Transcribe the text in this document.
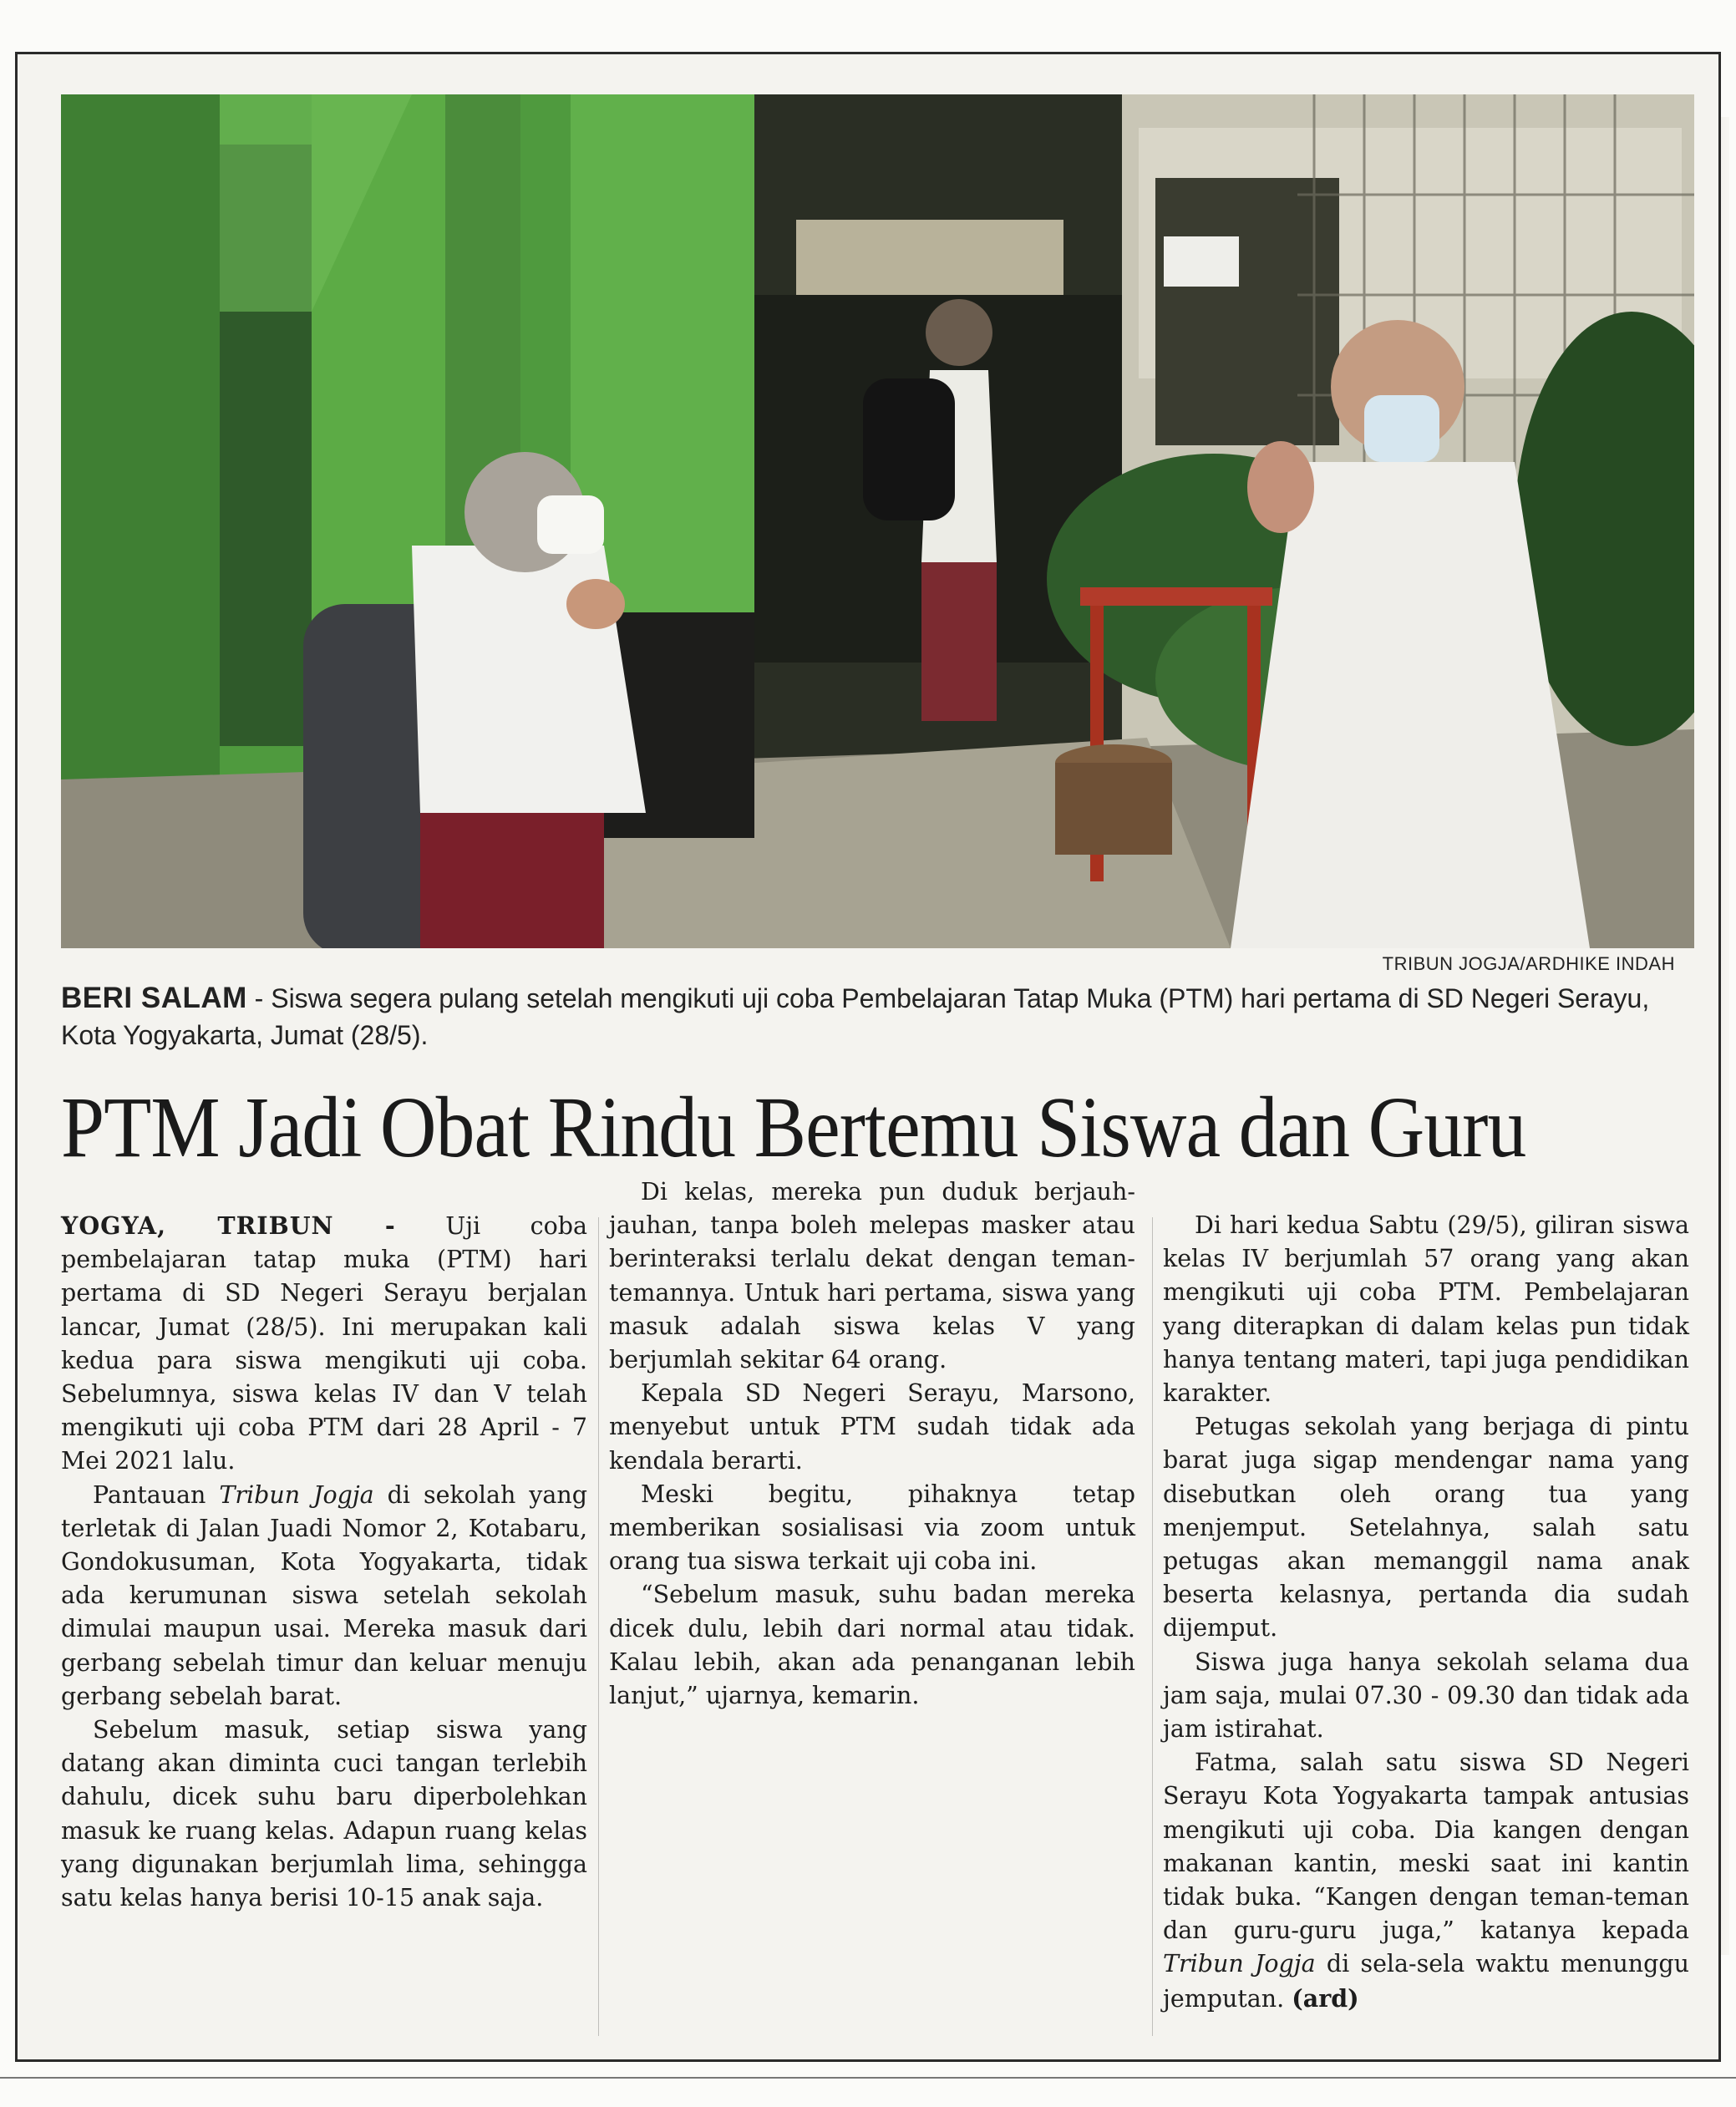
TRIBUN JOGJA/ARDHIKE INDAH
BERI SALAM - Siswa segera pulang setelah mengikuti uji coba Pembelajaran Tatap Muka (PTM) hari pertama di SD Negeri Serayu, Kota Yogyakarta, Jumat (28/5).
PTM Jadi Obat Rindu Bertemu Siswa dan Guru

YOGYA, TRIBUN - Uji coba pembelajaran tatap muka (PTM) hari pertama di SD Negeri Serayu berjalan lancar, Jumat (28/5). Ini merupakan kali kedua para siswa mengikuti uji coba. Sebelumnya, siswa kelas IV dan V telah mengikuti uji coba PTM dari 28 April - 7 Mei 2021 lalu.

Pantauan Tribun Jogja di sekolah yang terletak di Jalan Juadi Nomor 2, Kotabaru, Gondokusuman, Kota Yogyakarta, tidak ada kerumunan siswa setelah sekolah dimulai maupun usai. Mereka masuk dari gerbang sebelah timur dan keluar menuju gerbang sebelah barat.

Sebelum masuk, setiap siswa yang datang akan diminta cuci tangan terlebih dahulu, dicek suhu baru diperbolehkan masuk ke ruang kelas. Adapun ruang kelas yang digunakan berjumlah lima, sehingga satu kelas hanya berisi 10-15 anak saja.

Di kelas, mereka pun duduk berjauh-jauhan, tanpa boleh melepas masker atau berinteraksi terlalu dekat dengan teman-temannya. Untuk hari pertama, siswa yang masuk adalah siswa kelas V yang berjumlah sekitar 64 orang.

Kepala SD Negeri Serayu, Marsono, menyebut untuk PTM sudah tidak ada kendala berarti.

Meski begitu, pihaknya tetap memberikan sosialisasi via zoom untuk orang tua siswa terkait uji coba ini.

“Sebelum masuk, suhu badan mereka dicek dulu, lebih dari normal atau tidak. Kalau lebih, akan ada penanganan lebih lanjut,” ujarnya, kemarin.

Di hari kedua Sabtu (29/5), giliran siswa kelas IV berjumlah 57 orang yang akan mengikuti uji coba PTM. Pembelajaran yang diterapkan di dalam kelas pun tidak hanya tentang materi, tapi juga pendidikan karakter.

Petugas sekolah yang berjaga di pintu barat juga sigap mendengar nama yang disebutkan oleh orang tua yang menjemput. Setelahnya, salah satu petugas akan memanggil nama anak beserta kelasnya, pertanda dia sudah dijemput.

Siswa juga hanya sekolah selama dua jam saja, mulai 07.30 - 09.30 dan tidak ada jam istirahat.

Fatma, salah satu siswa SD Negeri Serayu Kota Yogyakarta tampak antusias mengikuti uji coba. Dia kangen dengan makanan kantin, meski saat ini kantin tidak buka. “Kangen dengan teman-teman dan guru-guru juga,” katanya kepada Tribun Jogja di sela-sela waktu menunggu jemputan. (ard)
